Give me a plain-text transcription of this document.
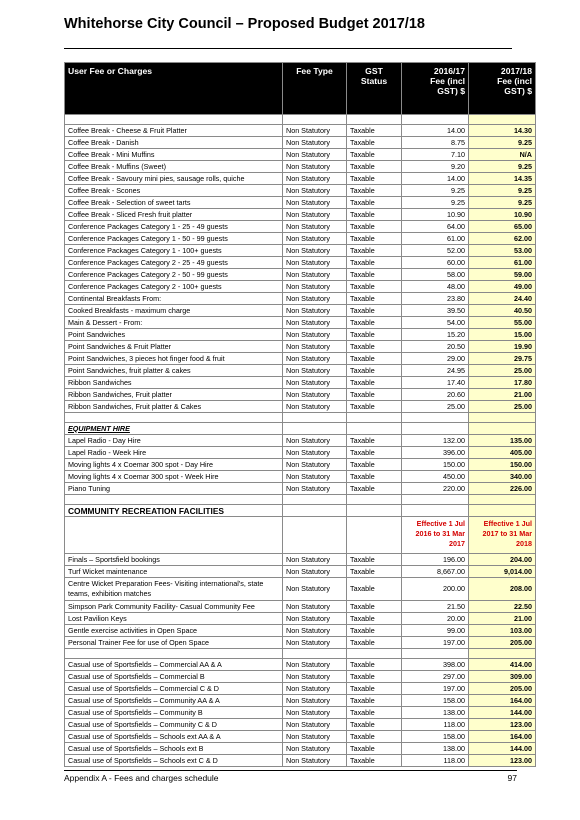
Whitehorse City Council – Proposed Budget 2017/18
User Fee or Charges	Fee Type	GST Status	2016/17 Fee (incl GST) $	2017/18 Fee (incl GST) $

Coffee Break - Cheese & Fruit Platter	Non Statutory	Taxable	14.00	14.30
Coffee Break - Danish	Non Statutory	Taxable	8.75	9.25
Coffee Break - Mini Muffins	Non Statutory	Taxable	7.10	N/A
Coffee Break - Muffins (Sweet)	Non Statutory	Taxable	9.20	9.25
Coffee Break - Savoury mini pies, sausage rolls, quiche	Non Statutory	Taxable	14.00	14.35
Coffee Break - Scones	Non Statutory	Taxable	9.25	9.25
Coffee Break - Selection of sweet tarts	Non Statutory	Taxable	9.25	9.25
Coffee Break - Sliced Fresh fruit platter	Non Statutory	Taxable	10.90	10.90
Conference Packages Category 1 - 25 - 49 guests	Non Statutory	Taxable	64.00	65.00
Conference Packages Category 1 - 50 - 99 guests	Non Statutory	Taxable	61.00	62.00
Conference Packages Category 1 - 100+ guests	Non Statutory	Taxable	52.00	53.00
Conference Packages Category 2 - 25 - 49 guests	Non Statutory	Taxable	60.00	61.00
Conference Packages Category 2 - 50 - 99 guests	Non Statutory	Taxable	58.00	59.00
Conference Packages Category 2 - 100+ guests	Non Statutory	Taxable	48.00	49.00
Continental Breakfasts From:	Non Statutory	Taxable	23.80	24.40
Cooked Breakfasts - maximum charge	Non Statutory	Taxable	39.50	40.50
Main & Dessert - From:	Non Statutory	Taxable	54.00	55.00
Point Sandwiches	Non Statutory	Taxable	15.20	15.00
Point Sandwiches & Fruit Platter	Non Statutory	Taxable	20.50	19.90
Point Sandwiches, 3 pieces hot finger food & fruit	Non Statutory	Taxable	29.00	29.75
Point Sandwiches, fruit platter & cakes	Non Statutory	Taxable	24.95	25.00
Ribbon Sandwiches	Non Statutory	Taxable	17.40	17.80
Ribbon Sandwiches, Fruit platter	Non Statutory	Taxable	20.60	21.00
Ribbon Sandwiches, Fruit platter & Cakes	Non Statutory	Taxable	25.00	25.00

EQUIPMENT HIRE				
Lapel Radio - Day Hire	Non Statutory	Taxable	132.00	135.00
Lapel Radio - Week Hire	Non Statutory	Taxable	396.00	405.00
Moving lights 4 x Coemar 300 spot - Day Hire	Non Statutory	Taxable	150.00	150.00
Moving lights 4 x Coemar 300 spot - Week Hire	Non Statutory	Taxable	450.00	340.00
Piano Tuning	Non Statutory	Taxable	220.00	226.00

COMMUNITY RECREATION FACILITIES				
			Effective 1 Jul 2016 to 31 Mar 2017	Effective 1 Jul 2017 to 31 Mar 2018
Finals – Sportsfield bookings	Non Statutory	Taxable	196.00	204.00
Turf Wicket maintenance	Non Statutory	Taxable	8,667.00	9,014.00
Centre Wicket Preparation Fees- Visiting international's, state teams, exhibition matches	Non Statutory	Taxable	200.00	208.00
Simpson Park Community Facility- Casual Community Fee	Non Statutory	Taxable	21.50	22.50
Lost Pavilion Keys	Non Statutory	Taxable	20.00	21.00
Gentle exercise activities in Open Space	Non Statutory	Taxable	99.00	103.00
Personal Trainer Fee for use of Open Space	Non Statutory	Taxable	197.00	205.00

Casual use of Sportsfields – Commercial AA & A	Non Statutory	Taxable	398.00	414.00
Casual use of Sportsfields – Commercial B	Non Statutory	Taxable	297.00	309.00
Casual use of Sportsfields – Commercial C & D	Non Statutory	Taxable	197.00	205.00
Casual use of Sportsfields – Community AA & A	Non Statutory	Taxable	158.00	164.00
Casual use of Sportsfields – Community B	Non Statutory	Taxable	138.00	144.00
Casual use of Sportsfields – Community C & D	Non Statutory	Taxable	118.00	123.00
Casual use of Sportsfields – Schools ext AA & A	Non Statutory	Taxable	158.00	164.00
Casual use of Sportsfields – Schools ext B	Non Statutory	Taxable	138.00	144.00
Casual use of Sportsfields – Schools ext C & D	Non Statutory	Taxable	118.00	123.00
Appendix A - Fees and charges schedule	97
